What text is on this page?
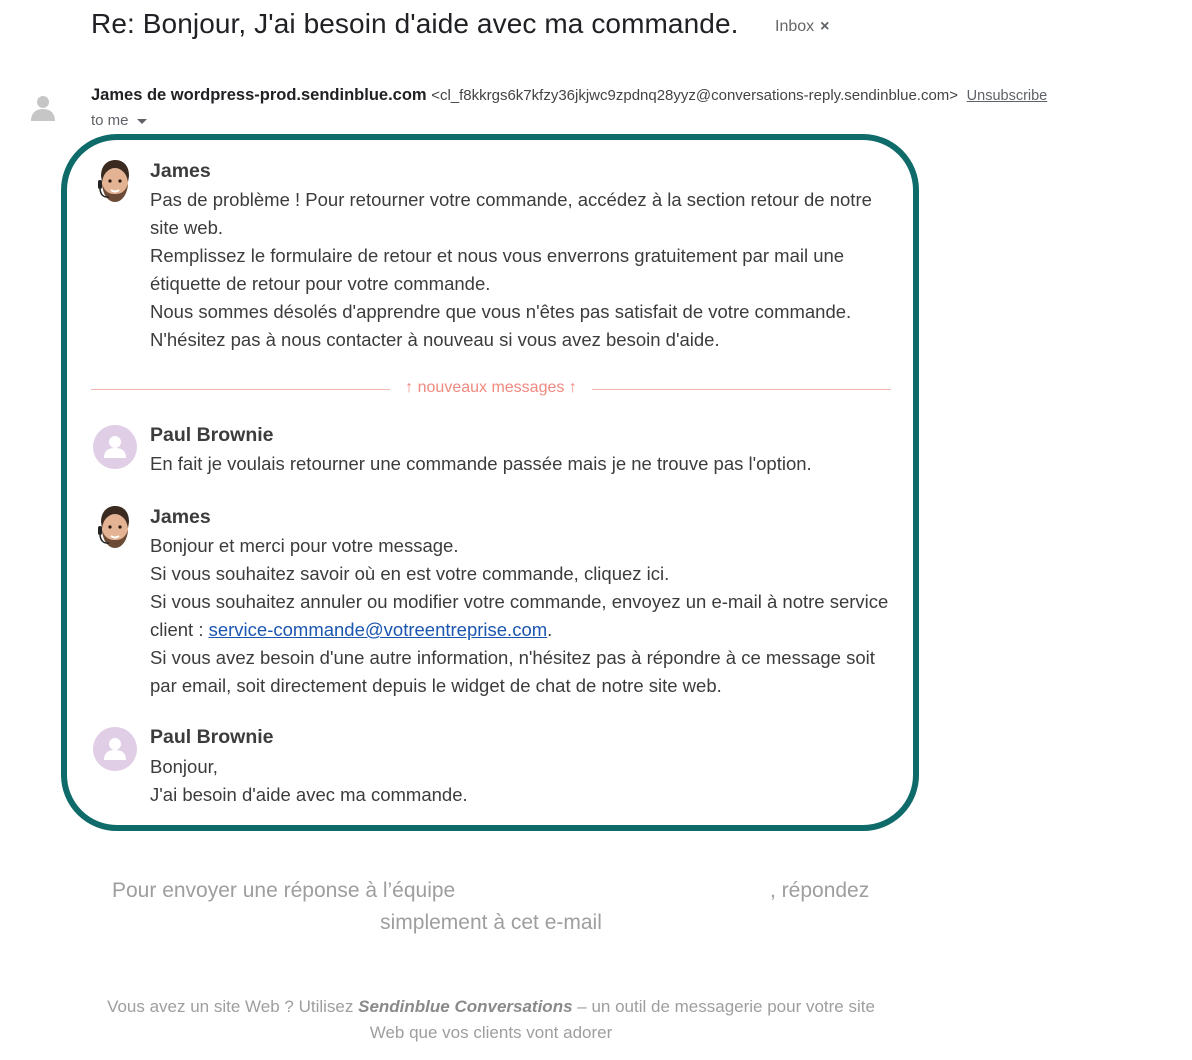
Re: Bonjour, J'ai besoin d'aide avec ma commande. Inbox ×
James de wordpress-prod.sendinblue.com <cl_f8kkrgs6k7kfzy36jkjwc9zpdnq28yyz@conversations-reply.sendinblue.com> Unsubscribe
to me
James

Pas de problème ! Pour retourner votre commande, accédez à la section retour de notre site web.

Remplissez le formulaire de retour et nous vous enverrons gratuitement par mail une étiquette de retour pour votre commande.

Nous sommes désolés d'apprendre que vous n'êtes pas satisfait de votre commande.

N'hésitez pas à nous contacter à nouveau si vous avez besoin d'aide.

↑ nouveaux messages ↑
Paul Brownie

En fait je voulais retourner une commande passée mais je ne trouve pas l'option.

James

Bonjour et merci pour votre message.

Si vous souhaitez savoir où en est votre commande, cliquez ici.

Si vous souhaitez annuler ou modifier votre commande, envoyez un e-mail à notre service client : service-commande@votreentreprise.com.

Si vous avez besoin d'une autre information, n'hésitez pas à répondre à ce message soit par email, soit directement depuis le widget de chat de notre site web.

Paul Brownie

Bonjour,

J'ai besoin d'aide avec ma commande.

Pour envoyer une réponse à l’équipe	, répondez
simplement à cet e-mail
Vous avez un site Web ? Utilisez Sendinblue Conversations – un outil de messagerie pour votre site Web que vos clients vont adorer
